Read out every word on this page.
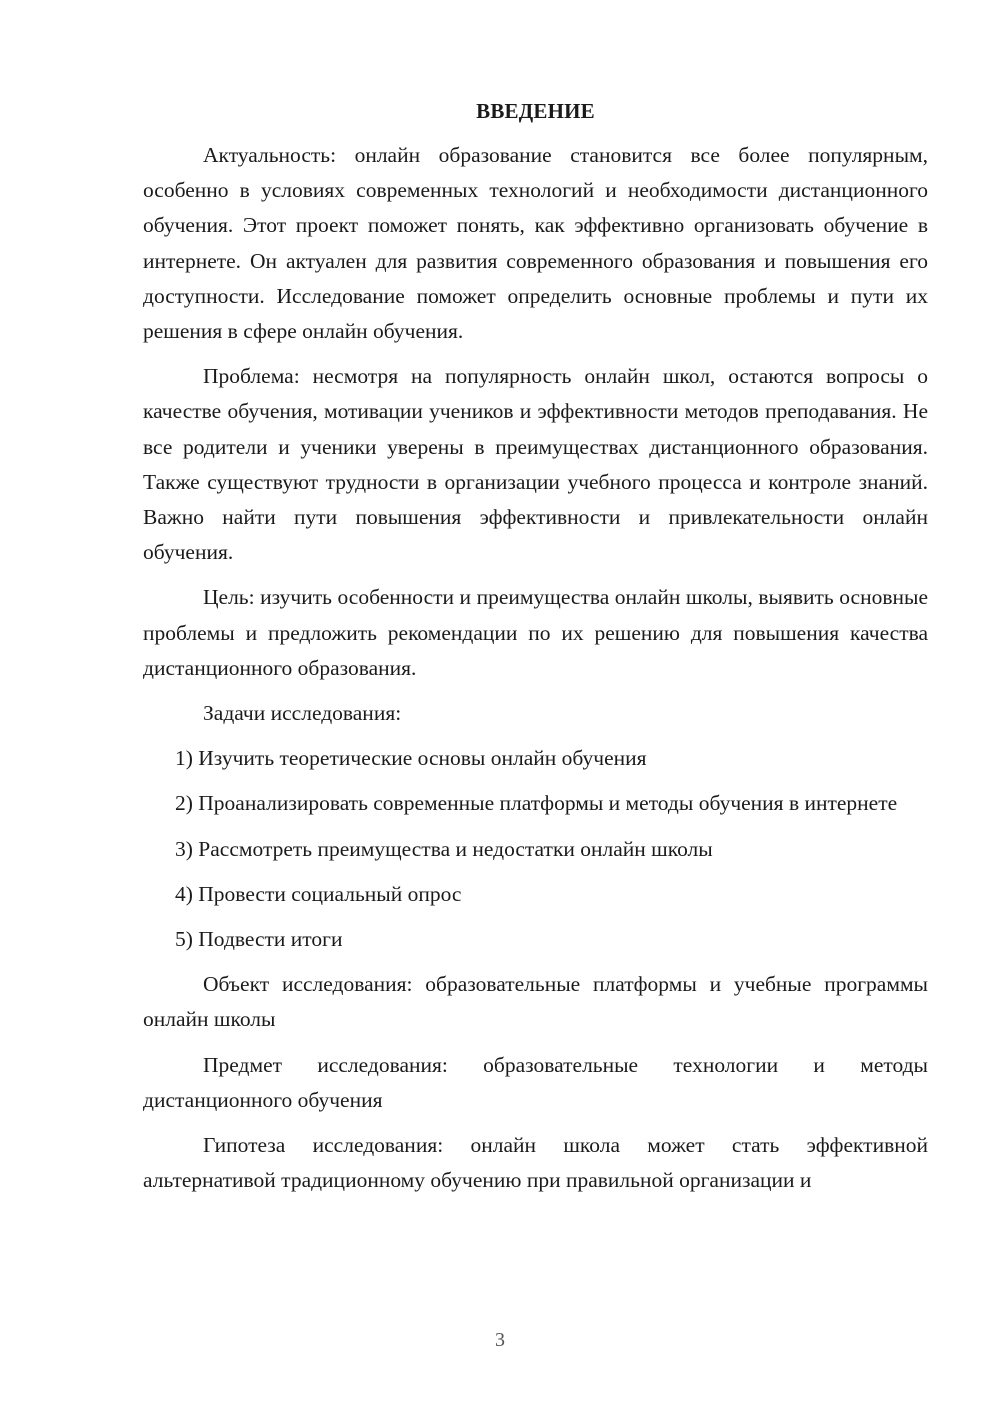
ВВЕДЕНИЕ

Актуальность: онлайн образование становится все более популярным, особенно в условиях современных технологий и необходимости дистанционного обучения. Этот проект поможет понять, как эффективно организовать обучение в интернете. Он актуален для развития современного образования и повышения его доступности. Исследование поможет определить основные проблемы и пути их решения в сфере онлайн обучения.

Проблема: несмотря на популярность онлайн школ, остаются вопросы о качестве обучения, мотивации учеников и эффективности методов преподавания. Не все родители и ученики уверены в преимуществах дистанционного образования. Также существуют трудности в организации учебного процесса и контроле знаний. Важно найти пути повышения эффективности и привлекательности онлайн обучения.

Цель: изучить особенности и преимущества онлайн школы, выявить основные проблемы и предложить рекомендации по их решению для повышения качества дистанционного образования.

Задачи исследования:

1) Изучить теоретические основы онлайн обучения

2) Проанализировать современные платформы и методы обучения в интернете

3) Рассмотреть преимущества и недостатки онлайн школы

4) Провести социальный опрос

5) Подвести итоги

Объект исследования: образовательные платформы и учебные программы онлайн школы

Предмет исследования: образовательные технологии и методы дистанционного обучения

Гипотеза исследования: онлайн школа может стать эффективной альтернативой традиционному обучению при правильной организации и

3
